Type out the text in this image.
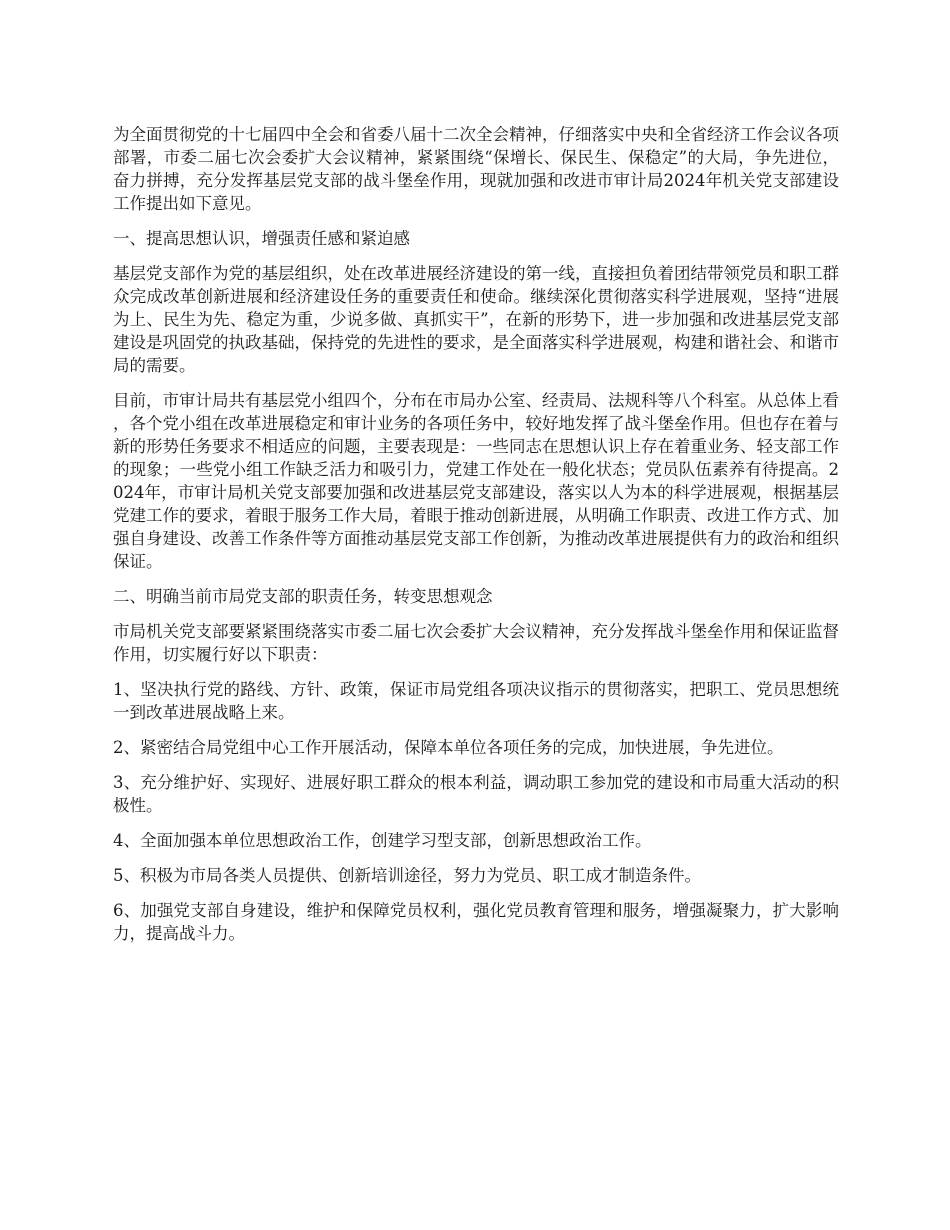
为全面贯彻党的十七届四中全会和省委八届十二次全会精神，仔细落实中央和全省经济工作会议各项部署，市委二届七次会委扩大会议精神，紧紧围绕“保增长、保民生、保稳定”的大局，争先进位，奋力拼搏，充分发挥基层党支部的战斗堡垒作用，现就加强和改进市审计局2024年机关党支部建设工作提出如下意见。

一、提高思想认识，增强责任感和紧迫感

基层党支部作为党的基层组织，处在改革进展经济建设的第一线，直接担负着团结带领党员和职工群众完成改革创新进展和经济建设任务的重要责任和使命。继续深化贯彻落实科学进展观，坚持“进展为上、民生为先、稳定为重，少说多做、真抓实干”，在新的形势下，进一步加强和改进基层党支部建设是巩固党的执政基础，保持党的先进性的要求，是全面落实科学进展观，构建和谐社会、和谐市局的需要。

目前，市审计局共有基层党小组四个，分布在市局办公室、经责局、法规科等八个科室。从总体上看，各个党小组在改革进展稳定和审计业务的各项任务中，较好地发挥了战斗堡垒作用。但也存在着与新的形势任务要求不相适应的问题，主要表现是：一些同志在思想认识上存在着重业务、轻支部工作的现象；一些党小组工作缺乏活力和吸引力，党建工作处在一般化状态；党员队伍素养有待提高。2024年，市审计局机关党支部要加强和改进基层党支部建设，落实以人为本的科学进展观，根据基层党建工作的要求，着眼于服务工作大局，着眼于推动创新进展，从明确工作职责、改进工作方式、加强自身建设、改善工作条件等方面推动基层党支部工作创新，为推动改革进展提供有力的政治和组织保证。

二、明确当前市局党支部的职责任务，转变思想观念

市局机关党支部要紧紧围绕落实市委二届七次会委扩大会议精神，充分发挥战斗堡垒作用和保证监督作用，切实履行好以下职责：

1、坚决执行党的路线、方针、政策，保证市局党组各项决议指示的贯彻落实，把职工、党员思想统一到改革进展战略上来。

2、紧密结合局党组中心工作开展活动，保障本单位各项任务的完成，加快进展，争先进位。

3、充分维护好、实现好、进展好职工群众的根本利益，调动职工参加党的建设和市局重大活动的积极性。

4、全面加强本单位思想政治工作，创建学习型支部，创新思想政治工作。

5、积极为市局各类人员提供、创新培训途径，努力为党员、职工成才制造条件。

6、加强党支部自身建设，维护和保障党员权利，强化党员教育管理和服务，增强凝聚力，扩大影响力，提高战斗力。
